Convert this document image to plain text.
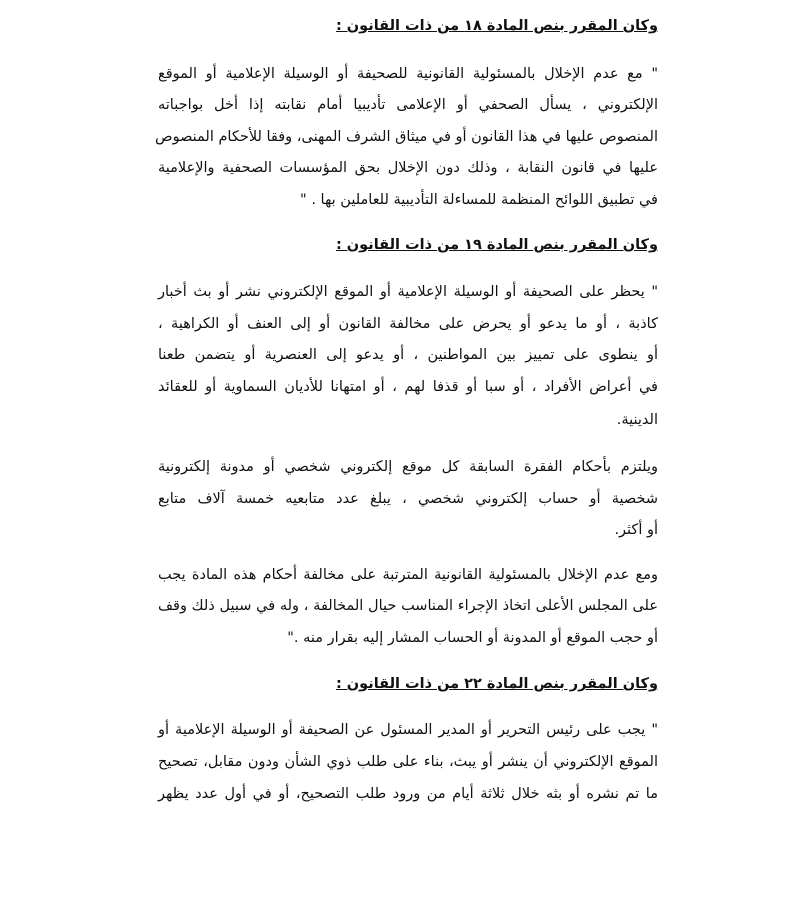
وكان المقرر بنص المادة ١٨ من ذات القانون :
" مع عدم الإخلال بالمسئولية القانونية للصحيفة أو الوسيلة الإعلامية أو الموقع
الإلكتروني ، يسأل الصحفي أو الإعلامى تأديبيا أمام نقابته إذا أخل بواجباته
المنصوص عليها في هذا القانون أو في ميثاق الشرف المهنى، وفقا للأحكام المنصوص
عليها في قانون النقابة ، وذلك دون الإخلال بحق المؤسسات الصحفية والإعلامية
في تطبيق اللوائح المنظمة للمساءلة التأديبية للعاملين بها . "
وكان المقرر بنص المادة ١٩ من ذات القانون :
" يحظر على الصحيفة أو الوسيلة الإعلامية أو الموقع الإلكتروني نشر أو بث أخبار
كاذبة ، أو ما يدعو أو يحرض على مخالفة القانون أو إلى العنف أو الكراهية ،
أو ينطوى على تمييز بين المواطنين ، أو يدعو إلى العنصرية أو يتضمن طعنا
في أعراض الأفراد ، أو سبا أو قذفا لهم ، أو امتهانا للأديان السماوية أو للعقائد
الدينية.
ويلتزم بأحكام الفقرة السابقة كل موقع إلكتروني شخصي أو مدونة إلكترونية
شخصية أو حساب إلكتروني شخصي ، يبلغ عدد متابعيه خمسة آلاف متابع
أو أكثر.
ومع عدم الإخلال بالمسئولية القانونية المترتبة على مخالفة أحكام هذه المادة يجب
على المجلس الأعلى اتخاذ الإجراء المناسب حيال المخالفة ، وله في سبيل ذلك وقف
أو حجب الموقع أو المدونة أو الحساب المشار إليه بقرار منه ."
وكان المقرر بنص المادة ٢٢ من ذات القانون :
" يجب على رئيس التحرير أو المدير المسئول عن الصحيفة أو الوسيلة الإعلامية أو
الموقع الإلكتروني أن ينشر أو يبث، بناء على طلب ذوي الشأن ودون مقابل، تصحيح
ما تم نشره أو بثه خلال ثلاثة أيام من ورود طلب التصحيح، أو في أول عدد يظهر
